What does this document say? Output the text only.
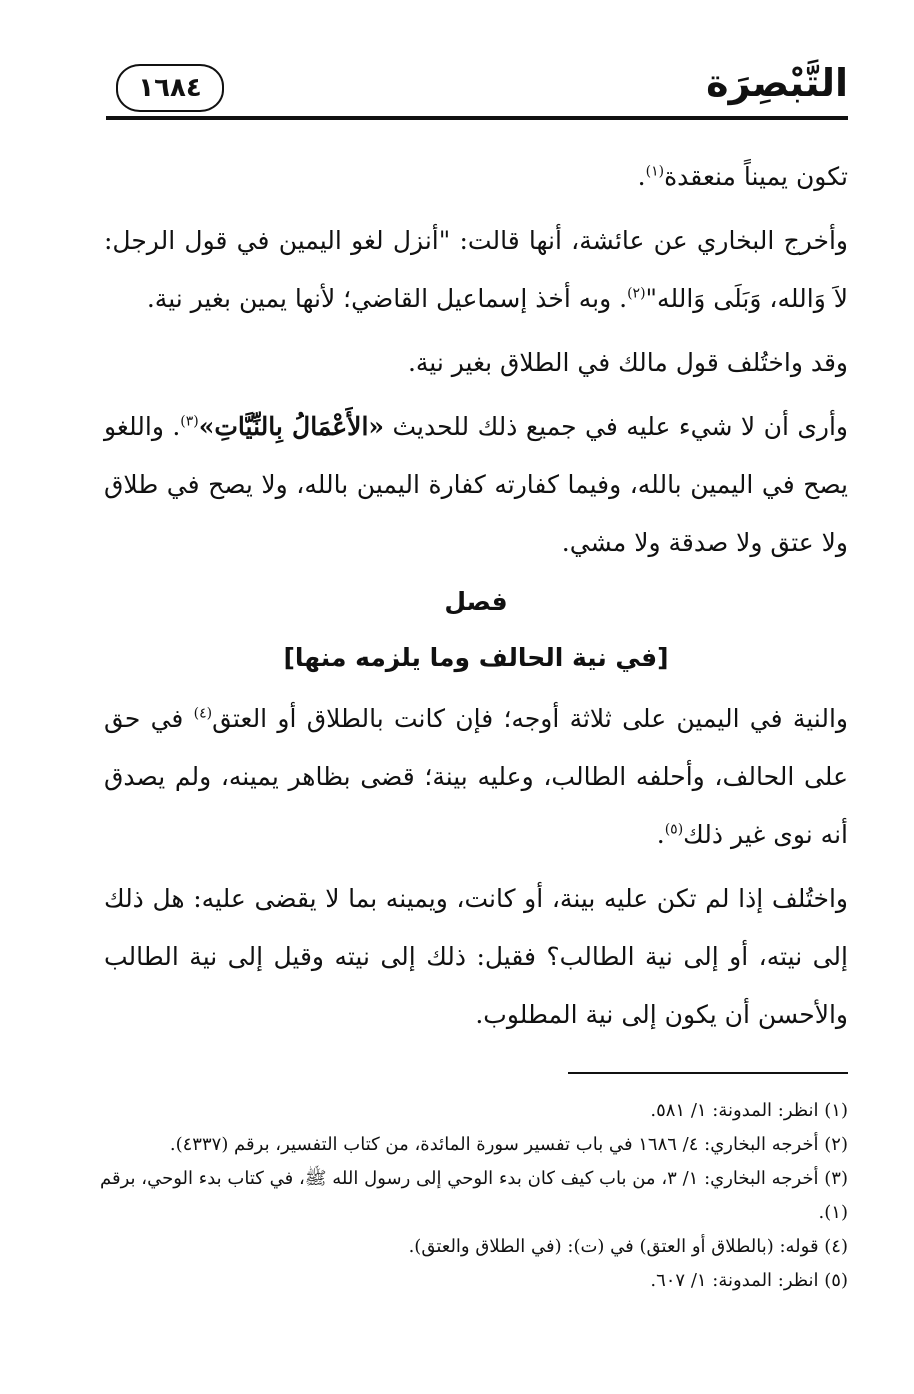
التَّبْصِرَة
١٦٨٤

تكون يميناً منعقدة$^{(١)}$.

وأخرج البخاري عن عائشة، أنها قالت: "أنزل لغو اليمين في قول الرجل: لاَ وَالله، وَبَلَى وَالله"$^{(٢)}$. وبه أخذ إسماعيل القاضي؛ لأنها يمين بغير نية.

وقد واختُلف قول مالك في الطلاق بغير نية.

وأرى أن لا شيء عليه في جميع ذلك للحديث «الأَعْمَالُ بِالنِّيَّاتِ»$^{(٣)}$. واللغو يصح في اليمين بالله، وفيما كفارته كفارة اليمين بالله، ولا يصح في طلاق ولا عتق ولا صدقة ولا مشي.

فصل
[في نية الحالف وما يلزمه منها]

والنية في اليمين على ثلاثة أوجه؛ فإن كانت بالطلاق أو العتق$^{(٤)}$ في حق على الحالف، وأحلفه الطالب، وعليه بينة؛ قضى بظاهر يمينه، ولم يصدق أنه نوى غير ذلك$^{(٥)}$.

واختُلف إذا لم تكن عليه بينة، أو كانت، ويمينه بما لا يقضى عليه: هل ذلك إلى نيته، أو إلى نية الطالب؟ فقيل: ذلك إلى نيته وقيل إلى نية الطالب والأحسن أن يكون إلى نية المطلوب.

(١) انظر: المدونة: ١/ ٥٨١.

(٢) أخرجه البخاري: ٤/ ١٦٨٦ في باب تفسير سورة المائدة، من كتاب التفسير، برقم (٤٣٣٧).

(٣) أخرجه البخاري: ١/ ٣، من باب كيف كان بدء الوحي إلى رسول الله ﷺ، في كتاب بدء الوحي، برقم (١).

(٤) قوله: (بالطلاق أو العتق) في (ت): (في الطلاق والعتق).

(٥) انظر: المدونة: ١/ ٦٠٧.
